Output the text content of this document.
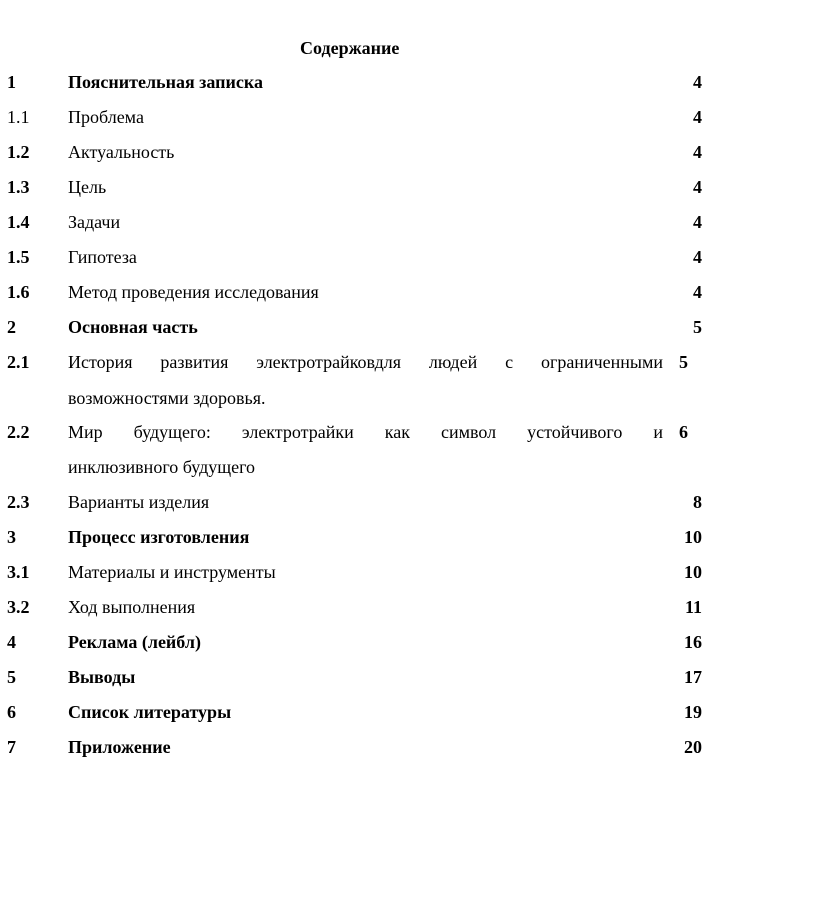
Содержание
1	Пояснительная записка	4
1.1 Проблема	4
1.2 Актуальность	4
1.3 Цель	4
1.4 Задачи	4
1.5 Гипотеза	4
1.6 Метод проведения исследования	4
2	Основная часть	5
2.1 История развития электротрайковдля людей с ограниченными 5
возможностями здоровья.
2.2 Мир будущего: электротрайки как символ устойчивого и 6
инклюзивного будущего
2.3 Варианты изделия	8
3	Процесс изготовления	10
3.1 Материалы и инструменты	10
3.2 Ход выполнения	11
4	Реклама (лейбл)	16
5	Выводы	17
6	Список литературы	19
7	Приложение	20
